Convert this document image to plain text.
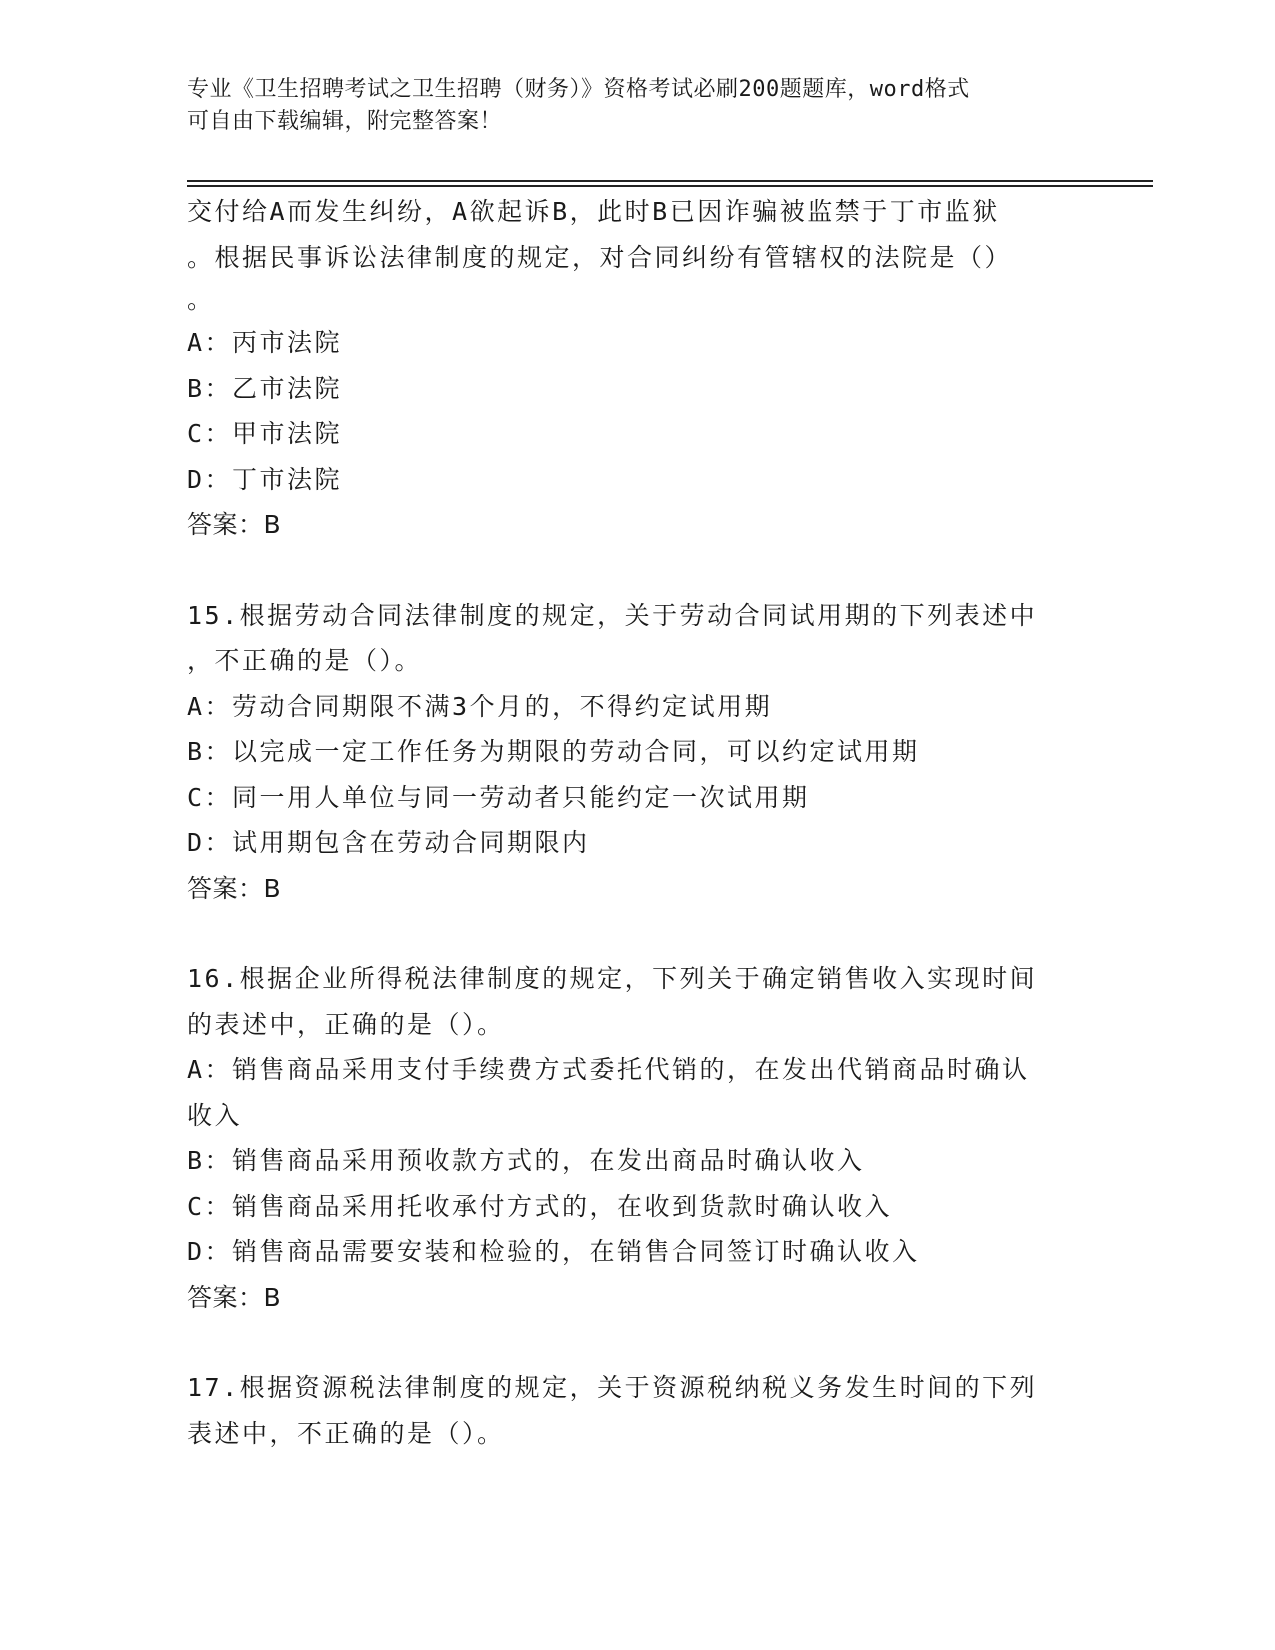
专业《卫生招聘考试之卫生招聘（财务）》资格考试必刷200题题库，word格式
可自由下载编辑，附完整答案！
交付给A而发生纠纷，A欲起诉B，此时B已因诈骗被监禁于丁市监狱
。根据民事诉讼法律制度的规定，对合同纠纷有管辖权的法院是（）
。
A：丙市法院
B：乙市法院
C：甲市法院
D：丁市法院
答案：B
15.根据劳动合同法律制度的规定，关于劳动合同试用期的下列表述中
，不正确的是（）。
A：劳动合同期限不满3个月的，不得约定试用期
B：以完成一定工作任务为期限的劳动合同，可以约定试用期
C：同一用人单位与同一劳动者只能约定一次试用期
D：试用期包含在劳动合同期限内
答案：B
16.根据企业所得税法律制度的规定，下列关于确定销售收入实现时间
的表述中，正确的是（）。
A：销售商品采用支付手续费方式委托代销的，在发出代销商品时确认
收入
B：销售商品采用预收款方式的，在发出商品时确认收入
C：销售商品采用托收承付方式的，在收到货款时确认收入
D：销售商品需要安装和检验的，在销售合同签订时确认收入
答案：B
17.根据资源税法律制度的规定，关于资源税纳税义务发生时间的下列
表述中，不正确的是（）。
